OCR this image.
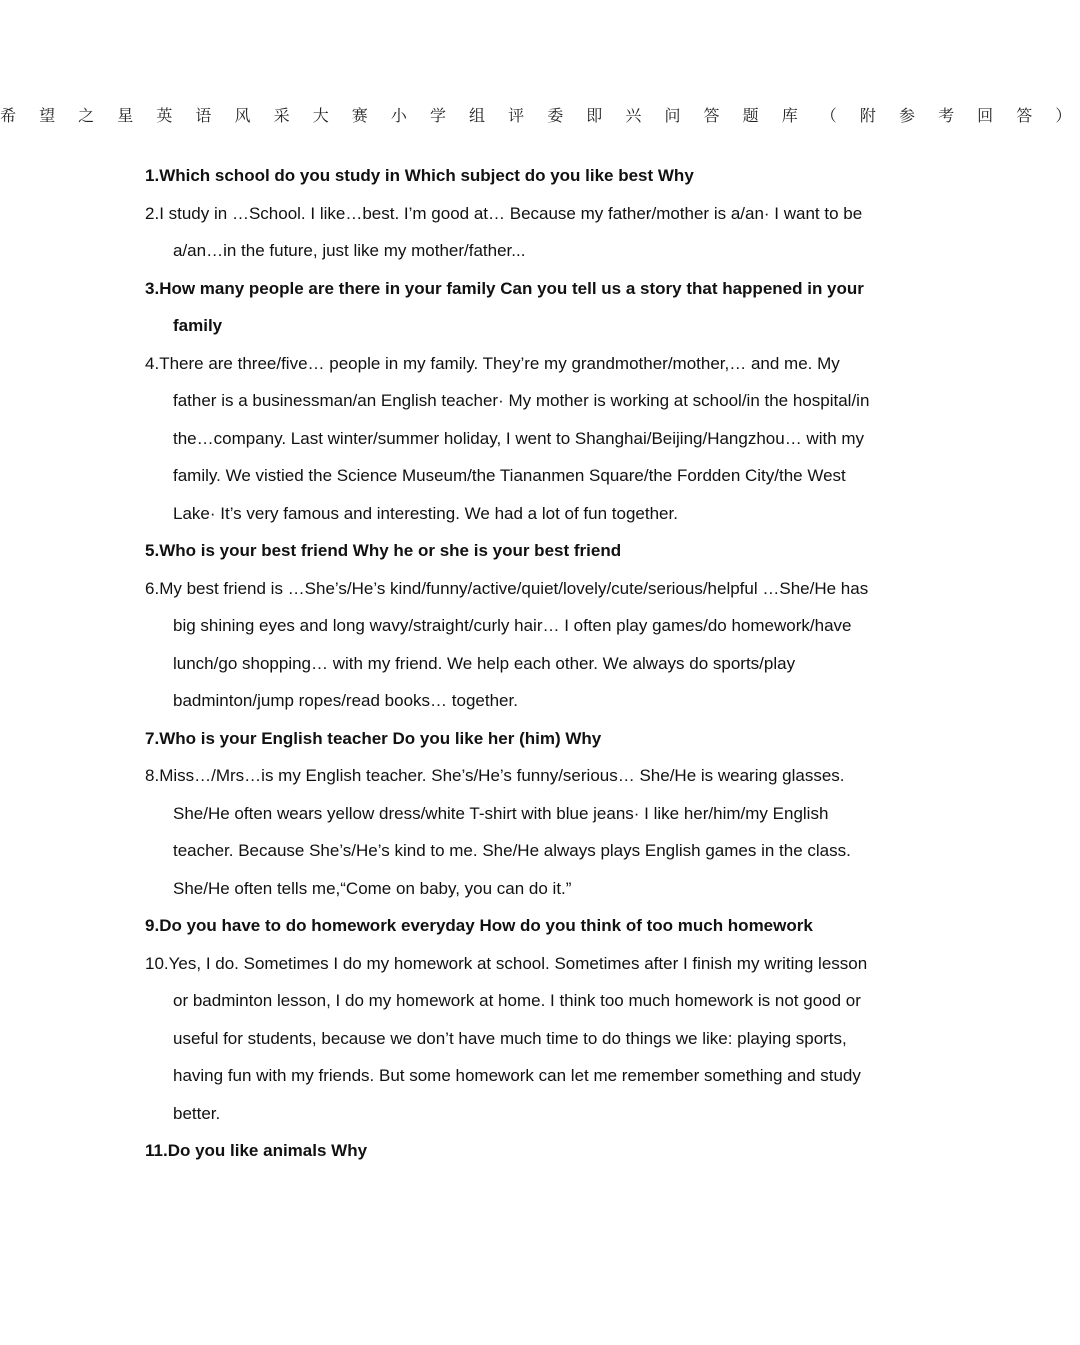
希 望 之 星 英 语 风 采 大 赛 小 学 组 评 委 即 兴 问 答 题 库 （ 附 参 考 回 答 ）

1.Which school do you study in Which subject do you like best Why

2.I study in …School. I like…best. I’m good at… Because my father/mother is a/an· I want to be a/an…in the future, just like my mother/father...

3.How many people are there in your family Can you tell us a story that happened in your family

4.There are three/five… people in my family. They’re my grandmother/mother,… and me. My father is a businessman/an English teacher· My mother is working at school/in the hospital/in the…company. Last winter/summer holiday, I went to Shanghai/Beijing/Hangzhou… with my family. We vistied the Science Museum/the Tiananmen Square/the Fordden City/the West Lake· It’s very famous and interesting. We had a lot of fun together.

5.Who is your best friend Why he or she is your best friend

6.My best friend is …She’s/He’s kind/funny/active/quiet/lovely/cute/serious/helpful …She/He has big shining eyes and long wavy/straight/curly hair… I often play games/do homework/have lunch/go shopping… with my friend. We help each other. We always do sports/play badminton/jump ropes/read books… together.

7.Who is your English teacher Do you like her (him) Why

8.Miss…/Mrs…is my English teacher. She’s/He’s funny/serious… She/He is wearing glasses. She/He often wears yellow dress/white T-shirt with blue jeans· I like her/him/my English teacher. Because She’s/He’s kind to me. She/He always plays English games in the class. She/He often tells me,“Come on baby, you can do it.”

9.Do you have to do homework everyday How do you think of too much homework

10.Yes, I do. Sometimes I do my homework at school. Sometimes after I finish my writing lesson or badminton lesson, I do my homework at home. I think too much homework is not good or useful for students, because we don’t have much time to do things we like: playing sports, having fun with my friends. But some homework can let me remember something and study better.

11.Do you like animals Why
